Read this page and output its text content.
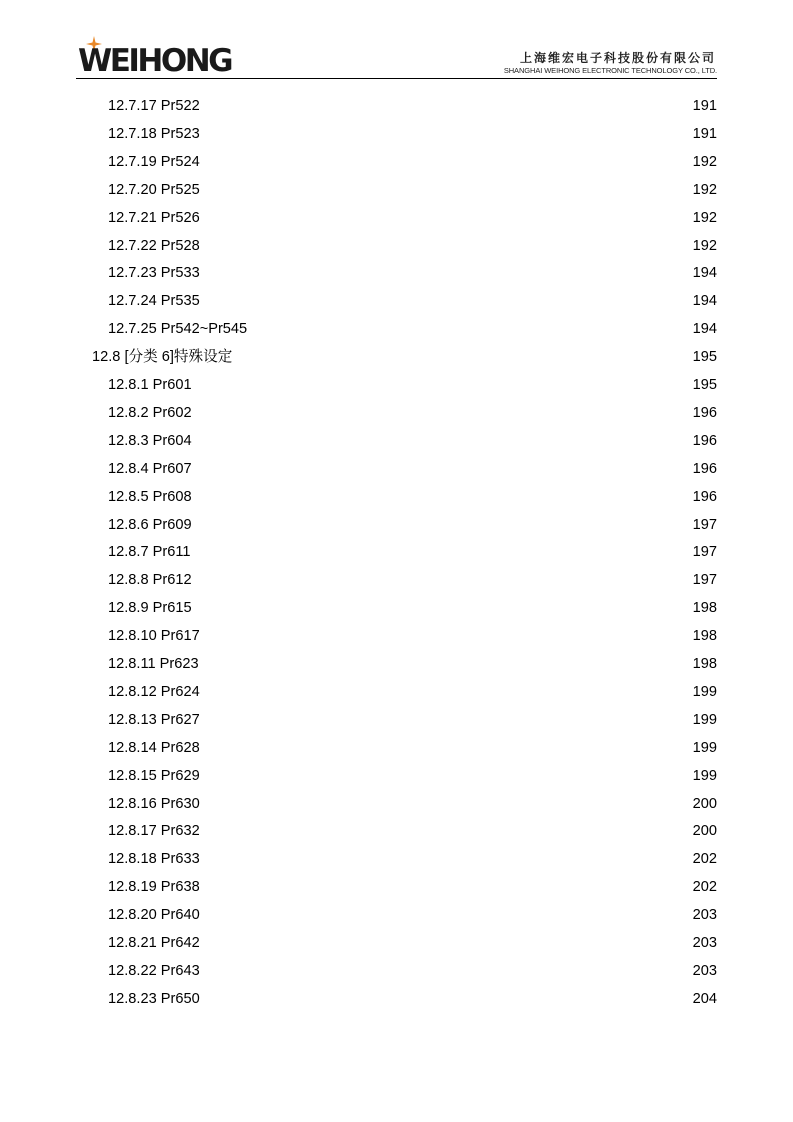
WEIHONG	上海维宏电子科技股份有限公司
SHANGHAI WEIHONG ELECTRONIC TECHNOLOGY CO., LTD.
12.7.17 Pr522 .....	191
12.7.18 Pr523 .....	191
12.7.19 Pr524 .....	192
12.7.20 Pr525 .....	192
12.7.21 Pr526 .....	192
12.7.22 Pr528 .....	192
12.7.23 Pr533 .....	194
12.7.24 Pr535 .....	194
12.7.25 Pr542~Pr545 .....	194
12.8 [分类 6]特殊设定 .....	195
12.8.1 Pr601 .....	195
12.8.2 Pr602 .....	196
12.8.3 Pr604 .....	196
12.8.4 Pr607 .....	196
12.8.5 Pr608 .....	196
12.8.6 Pr609 .....	197
12.8.7 Pr611 .....	197
12.8.8 Pr612 .....	197
12.8.9 Pr615 .....	198
12.8.10 Pr617 .....	198
12.8.11 Pr623 .....	198
12.8.12 Pr624 .....	199
12.8.13 Pr627 .....	199
12.8.14 Pr628 .....	199
12.8.15 Pr629 .....	199
12.8.16 Pr630 .....	200
12.8.17 Pr632 .....	200
12.8.18 Pr633 .....	202
12.8.19 Pr638 .....	202
12.8.20 Pr640 .....	203
12.8.21 Pr642 .....	203
12.8.22 Pr643 .....	203
12.8.23 Pr650 .....	204
